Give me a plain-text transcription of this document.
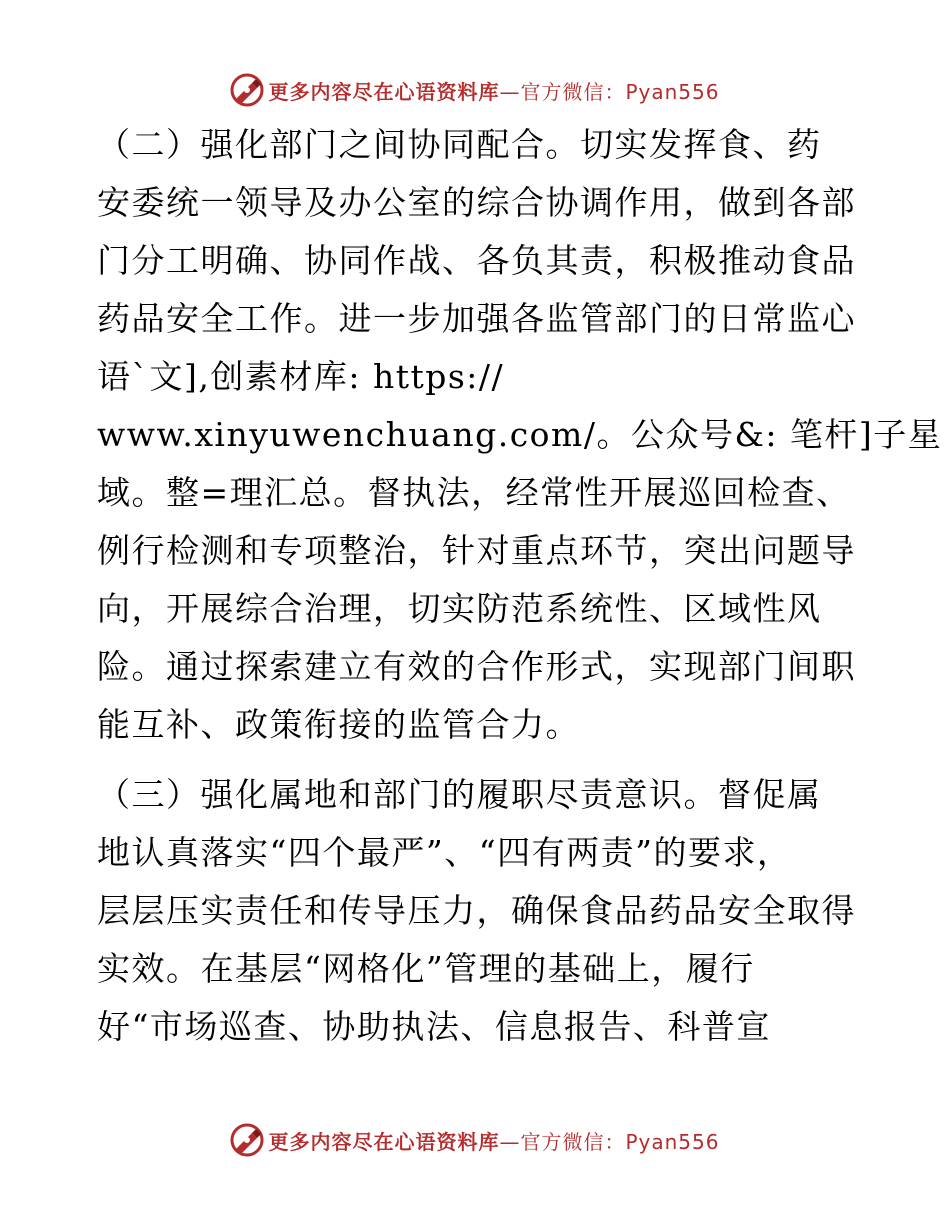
更多内容尽在心语资料库—官方微信：Pyan556
（二）强化部门之间协同配合。切实发挥食、药
安委统一领导及办公室的综合协调作用，做到各部
门分工明确、协同作战、各负其责，积极推动食品
药品安全工作。进一步加强各监管部门的日常监心
语`文],创素材库: https://
www.xinyuwenchuang.com/。公众号&: 笔杆]子星
域。整=理汇总。督执法，经常性开展巡回检查、
例行检测和专项整治，针对重点环节，突出问题导
向，开展综合治理，切实防范系统性、区域性风
险。通过探索建立有效的合作形式，实现部门间职
能互补、政策衔接的监管合力。
（三）强化属地和部门的履职尽责意识。督促属
地认真落实“四个最严”、“四有两责”的要求，
层层压实责任和传导压力，确保食品药品安全取得
实效。在基层“网格化”管理的基础上，履行
好“市场巡查、协助执法、信息报告、科普宣
更多内容尽在心语资料库—官方微信：Pyan556
